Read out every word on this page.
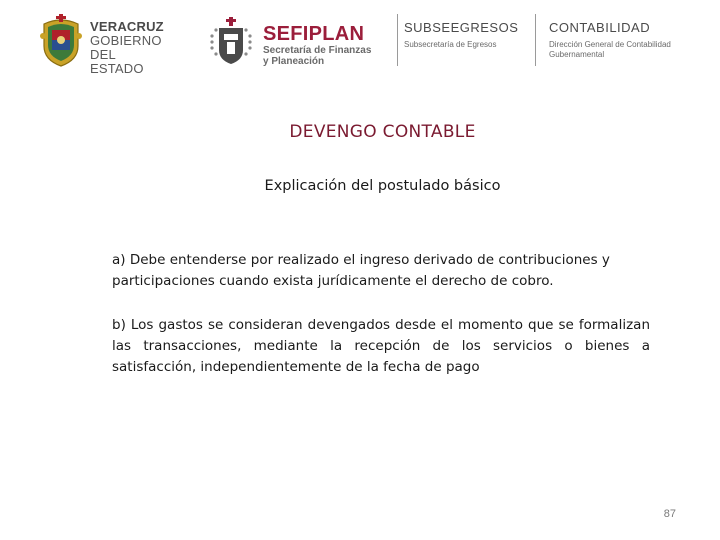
VERACRUZ
GOBIERNO
DEL ESTADO
SEFIPLAN
Secretaría de Finanzas
y Planeación
SUBSEEGRESOS
Subsecretaría de Egresos
CONTABILIDAD
Dirección General de Contabilidad
Gubernamental
DEVENGO CONTABLE
Explicación del postulado básico

a) Debe entenderse por realizado el ingreso derivado de contribuciones y participaciones cuando exista jurídicamente el derecho de cobro.

b) Los gastos se consideran devengados desde el momento que se formalizan las transacciones, mediante la recepción de los servicios o bienes a satisfacción, independientemente de la fecha de pago

87
